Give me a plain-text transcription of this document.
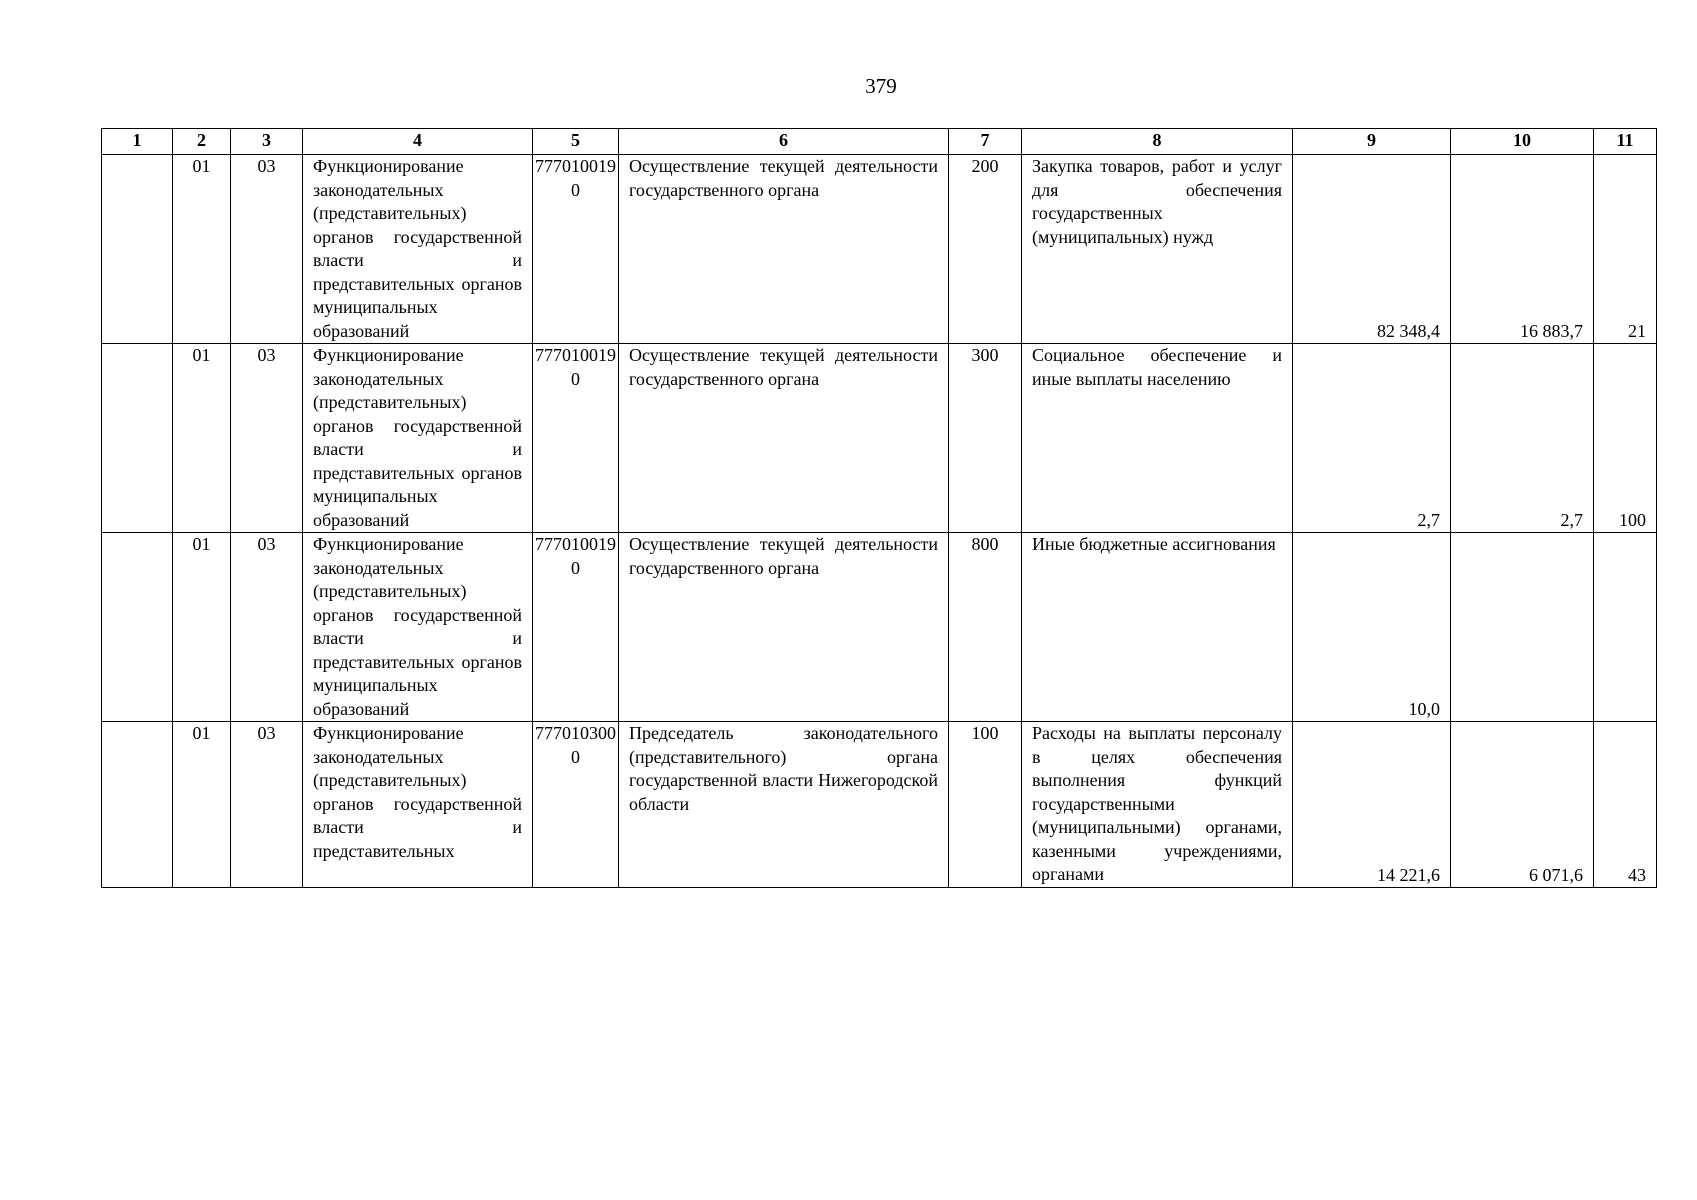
379
1	2	3	4	5	6	7	8	9	10	11
	01	03	Функционирование законодательных (представительных) органов государственной власти и представительных органов муниципальных образований	7770100190	Осуществление текущей деятельности государственного органа	200	Закупка товаров, работ и услуг для обеспечения государственных (муниципальных) нужд	82 348,4	16 883,7	21
	01	03	Функционирование законодательных (представительных) органов государственной власти и представительных органов муниципальных образований	7770100190	Осуществление текущей деятельности государственного органа	300	Социальное обеспечение и иные выплаты населению	2,7	2,7	100
	01	03	Функционирование законодательных (представительных) органов государственной власти и представительных органов муниципальных образований	7770100190	Осуществление текущей деятельности государственного органа	800	Иные бюджетные ассигнования	10,0		
	01	03	Функционирование законодательных (представительных) органов государственной власти и представительных	7770103000	Председатель законодательного (представительного) органа государственной власти Нижегородской области	100	Расходы на выплаты персоналу в целях обеспечения выполнения функций государственными (муниципальными) органами, казенными учреждениями, органами	14 221,6	6 071,6	43
